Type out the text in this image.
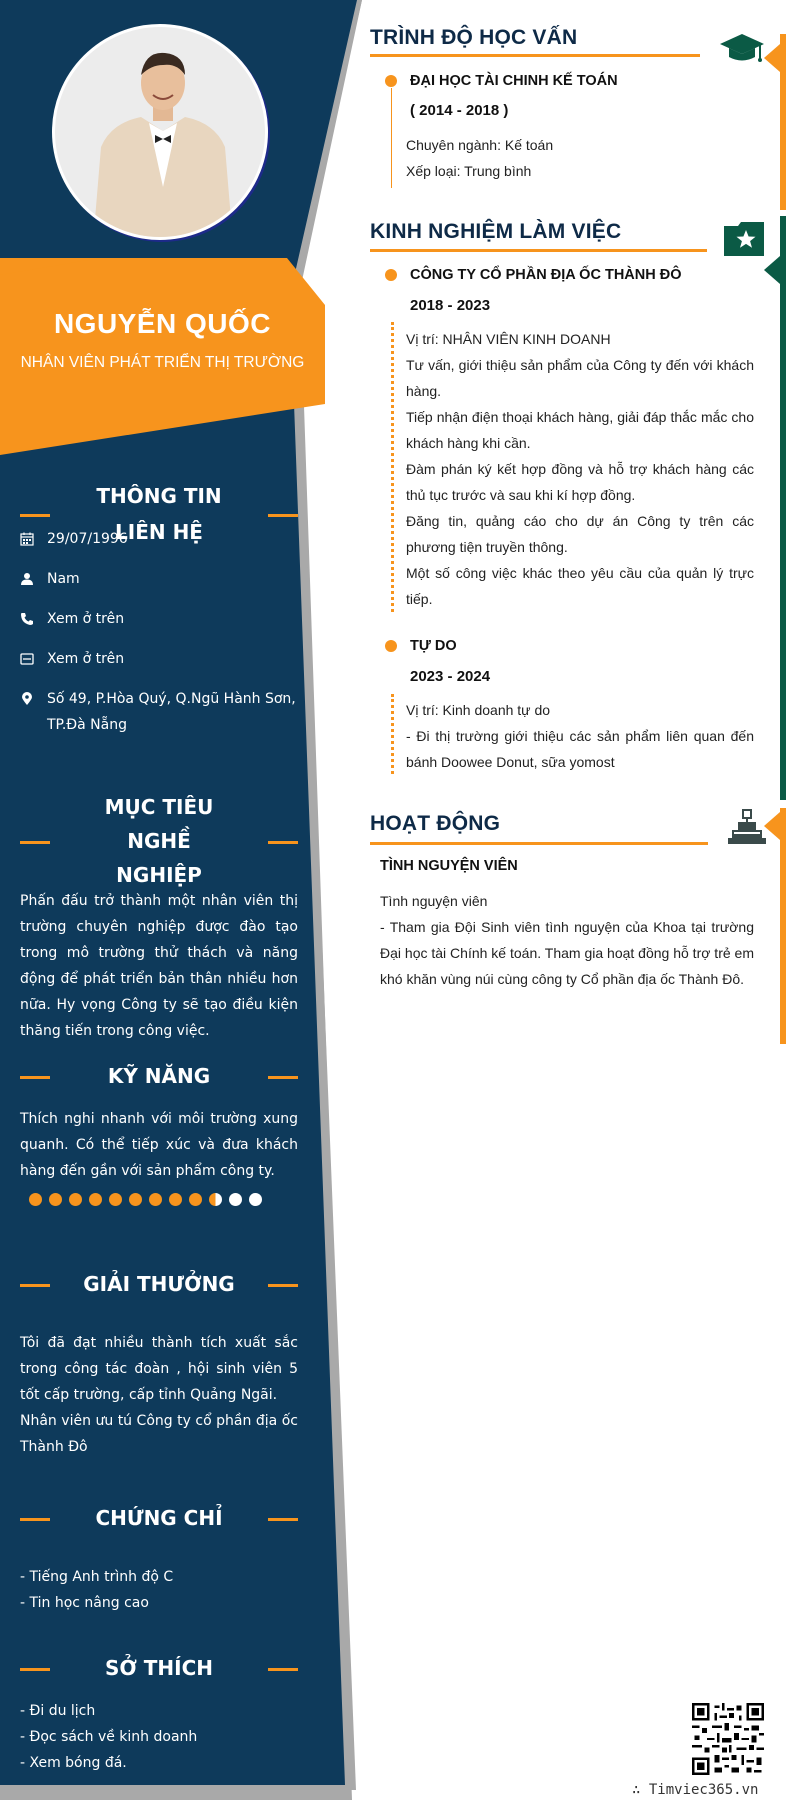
NGUYỄN QUỐC
NHÂN VIÊN PHÁT TRIỂN THỊ TRƯỜNG
THÔNG TIN LIÊN HỆ
29/07/1996
Nam
Xem ở trên
Xem ở trên
Số 49, P.Hòa Quý, Q.Ngũ Hành Sơn, TP.Đà Nẵng
MỤC TIÊU NGHỀ
NGHIỆP
Phấn đấu trở thành một nhân viên thị trường chuyên nghiệp được đào tạo trong mô trường thử thách và năng động để phát triển bản thân nhiều hơn nữa. Hy vọng Công ty sẽ tạo điều kiện thăng tiến trong công việc.
KỸ NĂNG
Thích nghi nhanh với môi trường xung quanh. Có thể tiếp xúc và đưa khách hàng đến gần với sản phẩm công ty.
GIẢI THƯỞNG
Tôi đã đạt nhiều thành tích xuất sắc trong công tác đoàn , hội sinh viên 5 tốt cấp trường, cấp tỉnh Quảng Ngãi.
Nhân viên ưu tú Công ty cổ phần địa ốc Thành Đô
CHỨNG CHỈ
- Tiếng Anh trình độ C
- Tin học nâng cao
SỞ THÍCH
- Đi du lịch
- Đọc sách về kinh doanh
- Xem bóng đá.
TRÌNH ĐỘ HỌC VẤN
ĐẠI HỌC TÀI CHINH KẾ TOÁN
( 2014 - 2018 )

Chuyên ngành: Kế toán

Xếp loại: Trung bình

KINH NGHIỆM LÀM VIỆC
CÔNG TY CỔ PHẦN ĐỊA ỐC THÀNH ĐÔ
2018 - 2023

Vị trí: NHÂN VIÊN KINH DOANH

Tư vấn, giới thiệu sản phẩm của Công ty đến với khách hàng.

Tiếp nhận điện thoại khách hàng, giải đáp thắc mắc cho khách hàng khi cần.

Đàm phán ký kết hợp đồng và hỗ trợ khách hàng các thủ tục trước và sau khi kí hợp đồng.

Đăng tin, quảng cáo cho dự án Công ty trên các phương tiện truyền thông.

Một số công việc khác theo yêu cầu của quản lý trực tiếp.

TỰ DO
2023 - 2024

Vị trí: Kinh doanh tự do

- Đi thị trường giới thiệu các sản phẩm liên quan đến bánh Doowee Donut, sữa yomost

HOẠT ĐỘNG
TÌNH NGUYỆN VIÊN
Tình nguyện viên
- Tham gia Đội Sinh viên tình nguyện của Khoa tại trường Đại học tài Chính kế toán. Tham gia hoạt đồng hỗ trợ trẻ em khó khăn vùng núi cùng công ty Cổ phần địa ốc Thành Đô.
∴ Timviec365.vn
